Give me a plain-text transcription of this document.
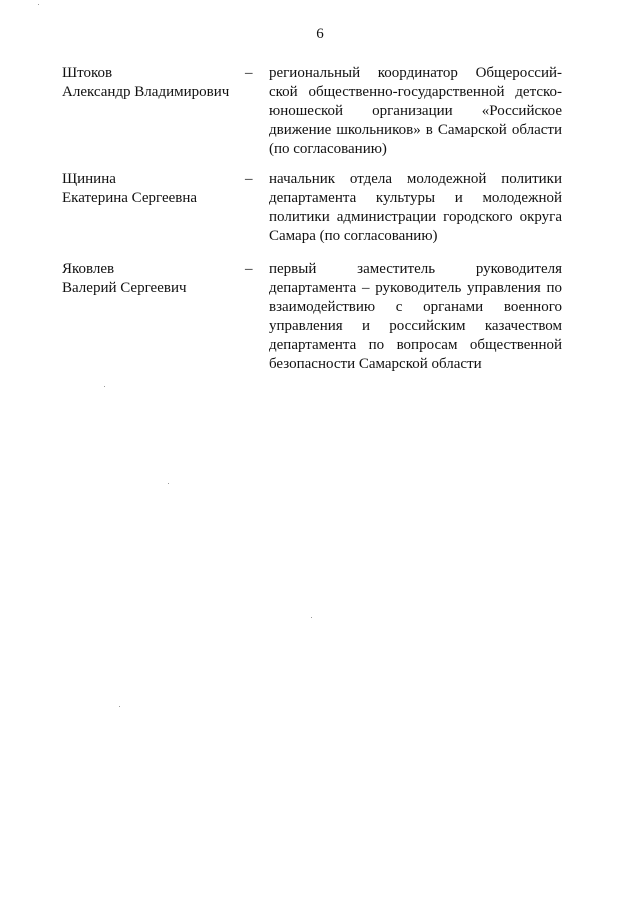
6
Штоков
Александр Владимирович
– региональный координатор Общероссий-ской общественно-государственной детско-юношеской организации «Российское движение школьников» в Самарской области (по согласованию)
Щинина
Екатерина Сергеевна
– начальник отдела молодежной политики департамента культуры и молодежной политики администрации городского округа Самара (по согласованию)
Яковлев
Валерий Сергеевич
– первый заместитель руководителя департамента – руководитель управления по взаимодействию с органами военного управления и российским казачеством департамента по вопросам общественной безопасности Самарской области
